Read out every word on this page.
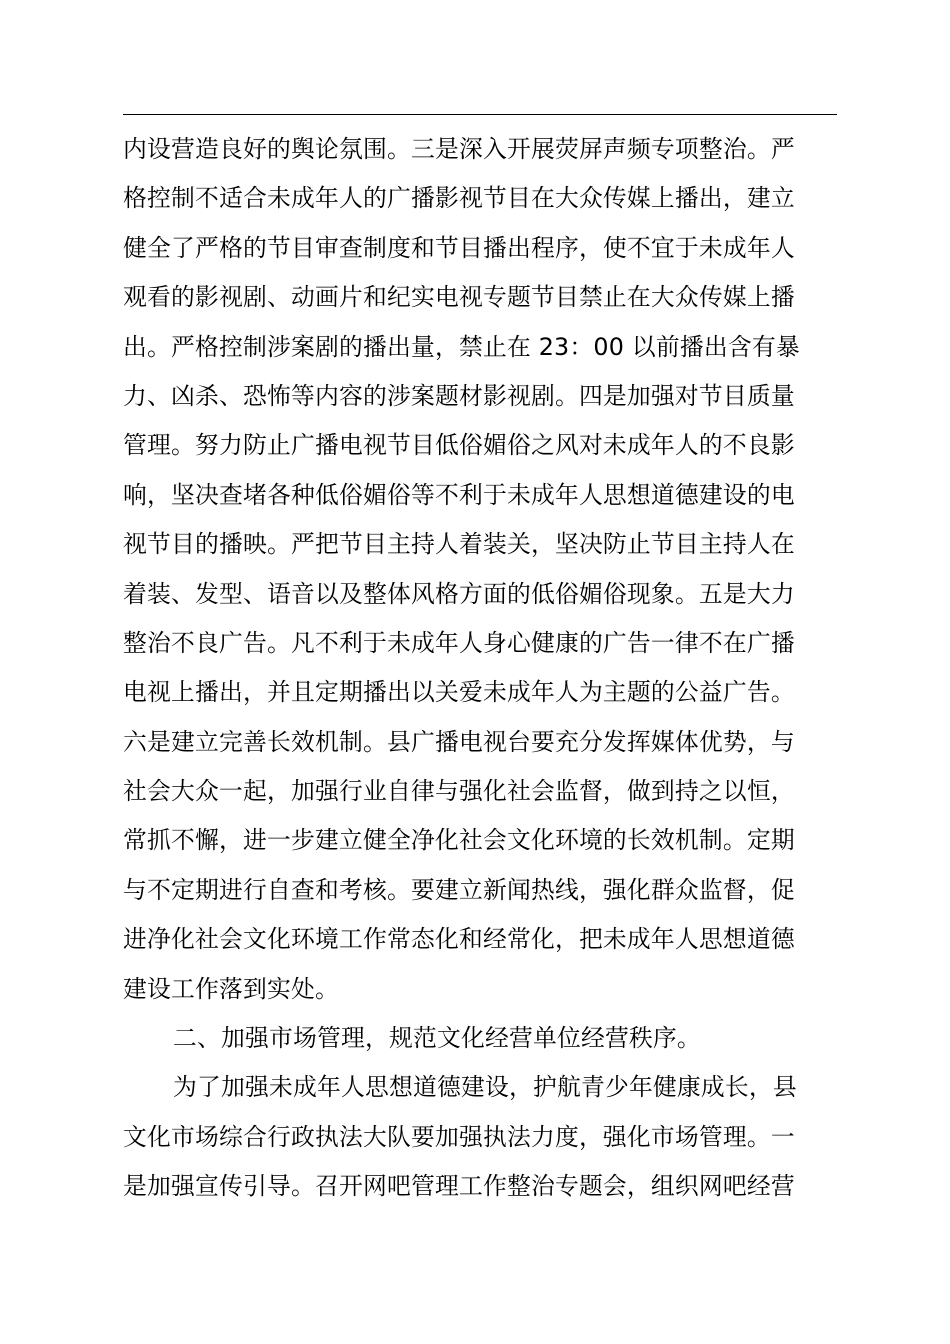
内设营造良好的舆论氛围。三是深入开展荧屏声频专项整治。严
格控制不适合未成年人的广播影视节目在大众传媒上播出，建立
健全了严格的节目审查制度和节目播出程序，使不宜于未成年人
观看的影视剧、动画片和纪实电视专题节目禁止在大众传媒上播
出。严格控制涉案剧的播出量，禁止在 23：00 以前播出含有暴
力、凶杀、恐怖等内容的涉案题材影视剧。四是加强对节目质量
管理。努力防止广播电视节目低俗媚俗之风对未成年人的不良影
响，坚决查堵各种低俗媚俗等不利于未成年人思想道德建设的电
视节目的播映。严把节目主持人着装关，坚决防止节目主持人在
着装、发型、语音以及整体风格方面的低俗媚俗现象。五是大力
整治不良广告。凡不利于未成年人身心健康的广告一律不在广播
电视上播出，并且定期播出以关爱未成年人为主题的公益广告。
六是建立完善长效机制。县广播电视台要充分发挥媒体优势，与
社会大众一起，加强行业自律与强化社会监督，做到持之以恒，
常抓不懈，进一步建立健全净化社会文化环境的长效机制。定期
与不定期进行自查和考核。要建立新闻热线，强化群众监督，促
进净化社会文化环境工作常态化和经常化，把未成年人思想道德
建设工作落到实处。
二、加强市场管理，规范文化经营单位经营秩序。
为了加强未成年人思想道德建设，护航青少年健康成长，县
文化市场综合行政执法大队要加强执法力度，强化市场管理。一
是加强宣传引导。召开网吧管理工作整治专题会，组织网吧经营
